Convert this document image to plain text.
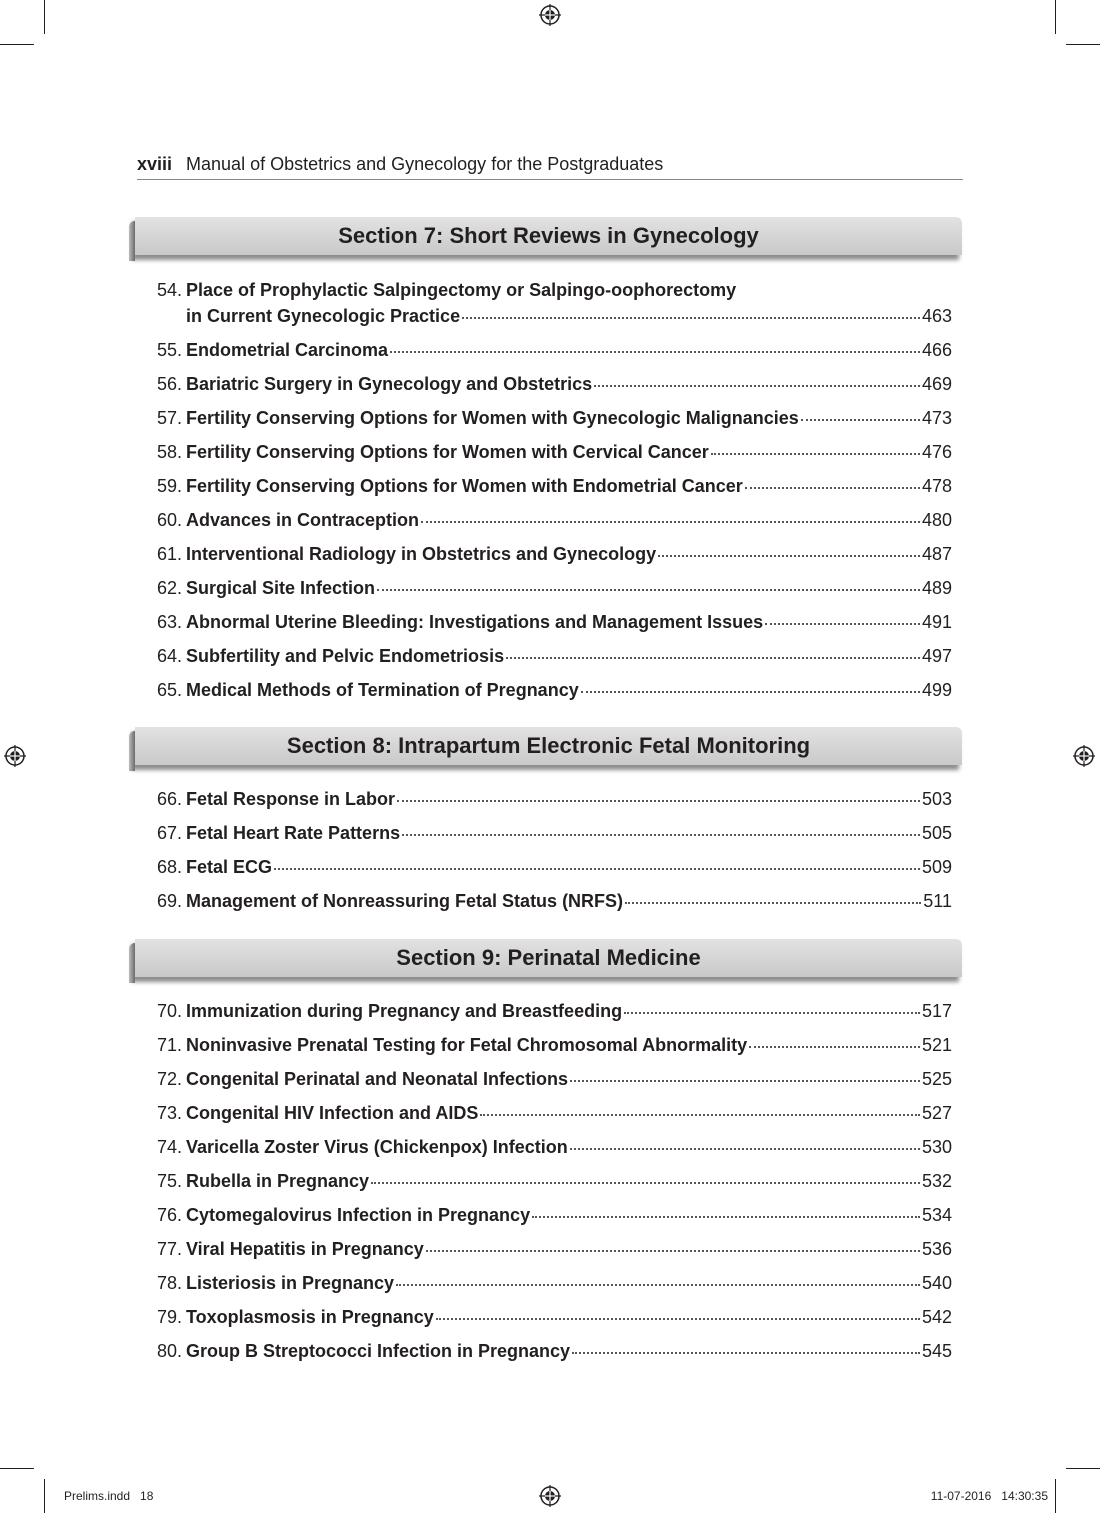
xviii Manual of Obstetrics and Gynecology for the Postgraduates
Section 7: Short Reviews in Gynecology
54. Place of Prophylactic Salpingectomy or Salpingo-oophorectomy
in Current Gynecologic Practice	463
55. Endometrial Carcinoma	466
56. Bariatric Surgery in Gynecology and Obstetrics	469
57. Fertility Conserving Options for Women with Gynecologic Malignancies	473
58. Fertility Conserving Options for Women with Cervical Cancer	476
59. Fertility Conserving Options for Women with Endometrial Cancer	478
60. Advances in Contraception	480
61. Interventional Radiology in Obstetrics and Gynecology	487
62. Surgical Site Infection	489
63. Abnormal Uterine Bleeding: Investigations and Management Issues	491
64. Subfertility and Pelvic Endometriosis	497
65. Medical Methods of Termination of Pregnancy	499
Section 8: Intrapartum Electronic Fetal Monitoring
66. Fetal Response in Labor	503
67. Fetal Heart Rate Patterns	505
68. Fetal ECG	509
69. Management of Nonreassuring Fetal Status (NRFS)	511
Section 9: Perinatal Medicine
70. Immunization during Pregnancy and Breastfeeding	517
71. Noninvasive Prenatal Testing for Fetal Chromosomal Abnormality	521
72. Congenital Perinatal and Neonatal Infections	525
73. Congenital HIV Infection and AIDS	527
74. Varicella Zoster Virus (Chickenpox) Infection	530
75. Rubella in Pregnancy	532
76. Cytomegalovirus Infection in Pregnancy	534
77. Viral Hepatitis in Pregnancy	536
78. Listeriosis in Pregnancy	540
79. Toxoplasmosis in Pregnancy	542
80. Group B Streptococci Infection in Pregnancy	545
Prelims.indd   18	11-07-2016   14:30:35
